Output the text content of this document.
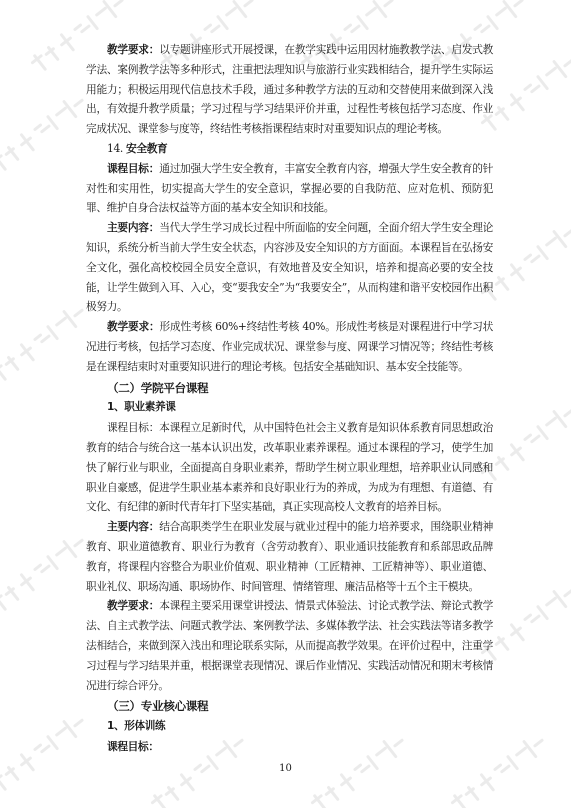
教学要求：以专题讲座形式开展授课，在教学实践中运用因材施教教学法、启发式教学法、案例教学法等多种形式，注重把法理知识与旅游行业实践相结合，提升学生实际运用能力；积极运用现代信息技术手段，通过多种教学方法的互动和交替使用来做到深入浅出，有效提升教学质量；学习过程与学习结果评价并重，过程性考核包括学习态度、作业完成状况、课堂参与度等，终结性考核指课程结束时对重要知识点的理论考核。

14. 安全教育

课程目标：通过加强大学生安全教育，丰富安全教育内容，增强大学生安全教育的针对性和实用性，切实提高大学生的安全意识，掌握必要的自我防范、应对危机、预防犯罪、维护自身合法权益等方面的基本安全知识和技能。

主要内容：当代大学生学习成长过程中所面临的安全问题，全面介绍大学生安全理论知识，系统分析当前大学生安全状态，内容涉及安全知识的方方面面。本课程旨在弘扬安全文化，强化高校校园全员安全意识，有效地普及安全知识，培养和提高必要的安全技能，让学生做到入耳、入心，变“要我安全”为“我要安全”，从而构建和谐平安校园作出积极努力。

教学要求：形成性考核 60%+终结性考核 40%。形成性考核是对课程进行中学习状况进行考核，包括学习态度、作业完成状况、课堂参与度、网课学习情况等；终结性考核是在课程结束时对重要知识进行的理论考核。包括安全基础知识、基本安全技能等。

（二）学院平台课程

1、职业素养课

课程目标：本课程立足新时代，从中国特色社会主义教育是知识体系教育同思想政治教育的结合与统合这一基本认识出发，改革职业素养课程。通过本课程的学习，使学生加快了解行业与职业，全面提高自身职业素养，帮助学生树立职业理想，培养职业认同感和职业自豪感，促进学生职业基本素养和良好职业行为的养成，为成为有理想、有道德、有文化、有纪律的新时代青年打下坚实基础，真正实现高校人文教育的培养目标。

主要内容：结合高职类学生在职业发展与就业过程中的能力培养要求，围绕职业精神教育、职业道德教育、职业行为教育（含劳动教育）、职业通识技能教育和系部思政品牌教育，将课程内容整合为职业价值观、职业精神（工匠精神、工匠精神等）、职业道德、职业礼仪、职场沟通、职场协作、时间管理、情绪管理、廉洁品格等十五个主干模块。

教学要求：本课程主要采用课堂讲授法、情景式体验法、讨论式教学法、辩论式教学法、自主式教学法、问题式教学法、案例教学法、多媒体教学法、社会实践法等诸多教学法相结合，来做到深入浅出和理论联系实际，从而提高教学效果。在评价过程中，注重学习过程与学习结果并重，根据课堂表现情况、课后作业情况、实践活动情况和期末考核情况进行综合评分。

（三）专业核心课程

1、形体训练

课程目标：

10
